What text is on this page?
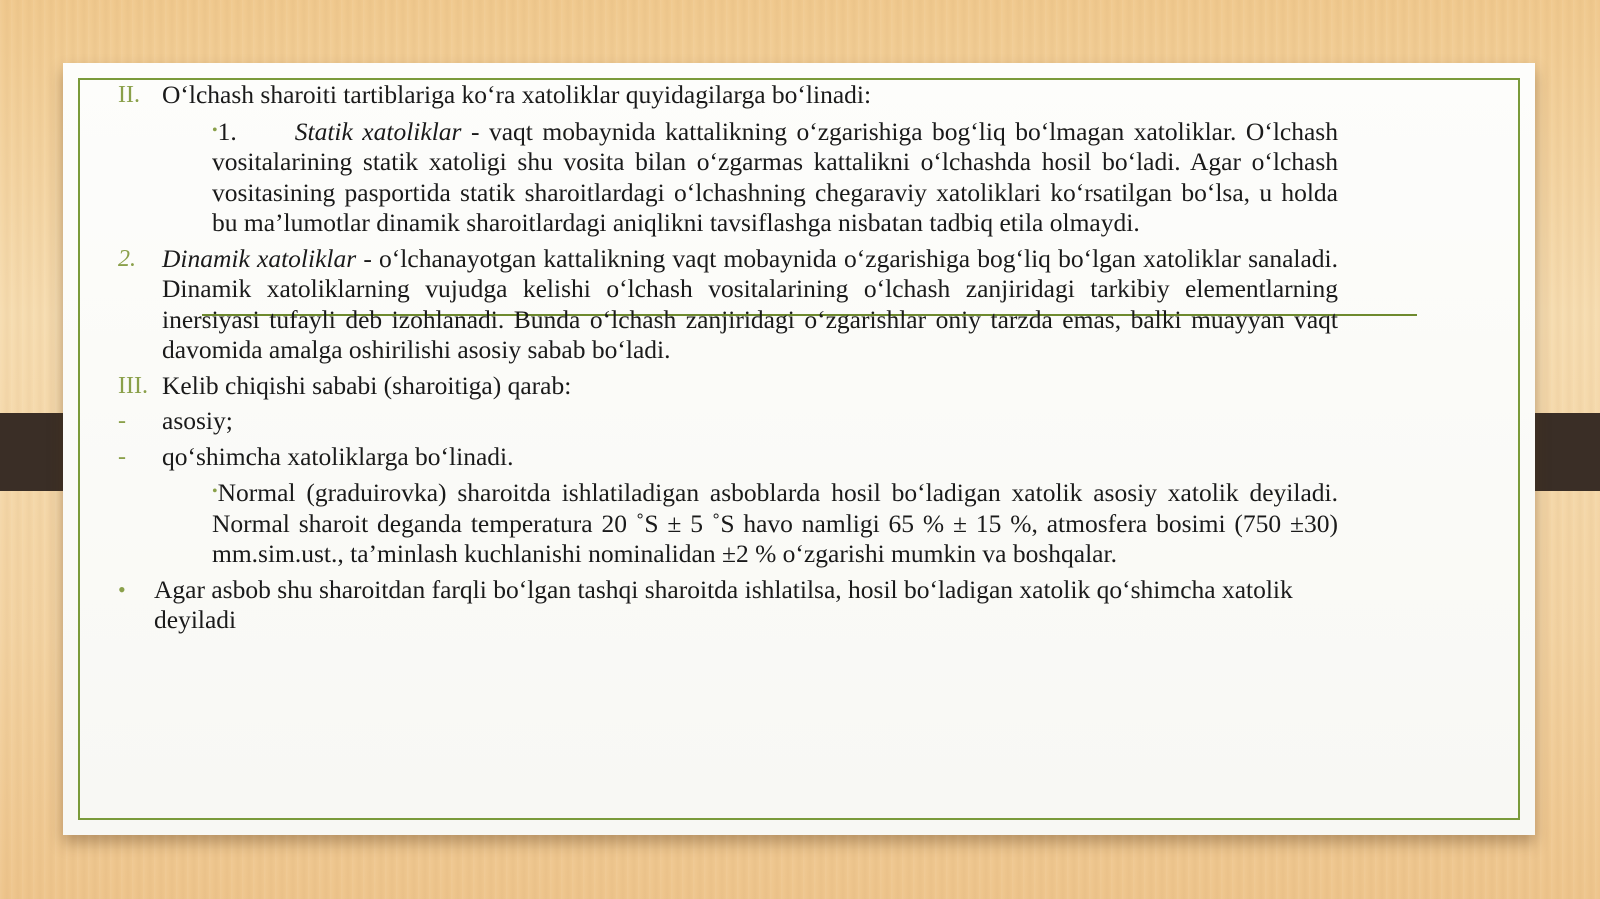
II. O‘lchash sharoiti tartiblariga ko‘ra xatoliklar quyidagilarga bo‘linadi:
•1. Statik xatoliklar - vaqt mobaynida kattalikning o‘zgarishiga bog‘liq bo‘lmagan xatoliklar. O‘lchash vositalarining statik xatoligi shu vosita bilan o‘zgarmas kattalikni o‘lchashda hosil bo‘ladi. Agar o‘lchash vositasining pasportida statik sharoitlardagi o‘lchashning chegaraviy xatoliklari ko‘rsatilgan bo‘lsa, u holda bu ma’lumotlar dinamik sharoitlardagi aniqlikni tavsiflashga nisbatan tadbiq etila olmaydi.
2.	Dinamik xatoliklar - o‘lchanayotgan kattalikning vaqt mobaynida o‘zgarishiga bog‘liq bo‘lgan xatoliklar sanaladi. Dinamik xatoliklarning vujudga kelishi o‘lchash vositalarining o‘lchash zanjiridagi tarkibiy elementlarning inersiyasi tufayli deb izohlanadi. Bunda o‘lchash zanjiridagi o‘zgarishlar oniy tarzda emas, balki muayyan vaqt davomida amalga oshirilishi asosiy sabab bo‘ladi.
III. Kelib chiqishi sababi (sharoitiga) qarab:
-	asosiy;
-	qo‘shimcha xatoliklarga bo‘linadi.
•Normal (graduirovka) sharoitda ishlatiladigan asboblarda hosil bo‘ladigan xatolik asosiy xatolik deyiladi. Normal sharoit deganda temperatura 20 ˚S ± 5 ˚S havo namligi 65 % ± 15 %, atmosfera bosimi (750 ±30) mm.sim.ust., ta’minlash kuchlanishi nominalidan ±2 % o‘zgarishi mumkin va boshqalar.
•	Agar asbob shu sharoitdan farqli bo‘lgan tashqi sharoitda ishlatilsa, hosil bo‘ladigan xatolik qo‘shimcha xatolik deyiladi
